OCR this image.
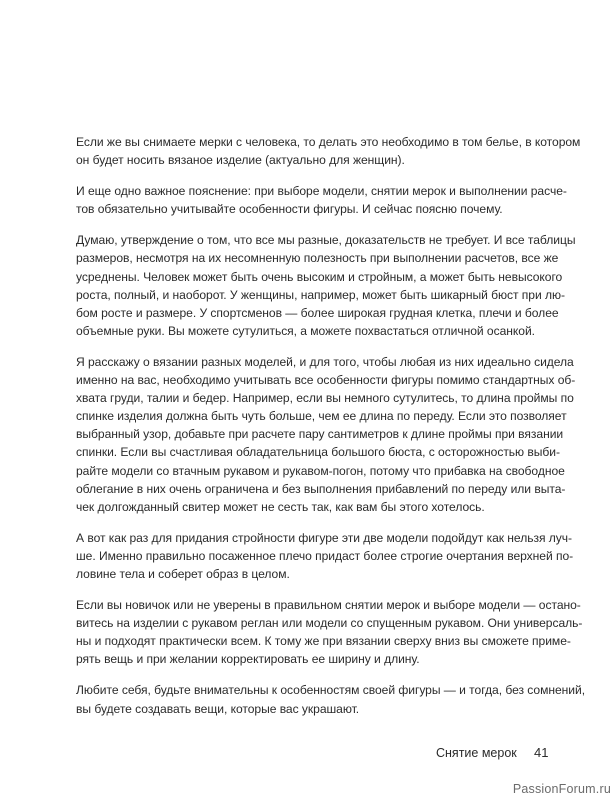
Если же вы снимаете мерки с человека, то делать это необходимо в том белье, в котором
он будет носить вязаное изделие (актуально для женщин).

И еще одно важное пояснение: при выборе модели, снятии мерок и выполнении расче-
тов обязательно учитывайте особенности фигуры. И сейчас поясню почему.

Думаю, утверждение о том, что все мы разные, доказательств не требует. И все таблицы
размеров, несмотря на их несомненную полезность при выполнении расчетов, все же
усреднены. Человек может быть очень высоким и стройным, а может быть невысокого
роста, полный, и наоборот. У женщины, например, может быть шикарный бюст при лю-
бом росте и размере. У спортсменов — более широкая грудная клетка, плечи и более
объемные руки. Вы можете сутулиться, а можете похвастаться отличной осанкой.

Я расскажу о вязании разных моделей, и для того, чтобы любая из них идеально сидела
именно на вас, необходимо учитывать все особенности фигуры помимо стандартных об-
хвата груди, талии и бедер. Например, если вы немного сутулитесь, то длина проймы по
спинке изделия должна быть чуть больше, чем ее длина по переду. Если это позволяет
выбранный узор, добавьте при расчете пару сантиметров к длине проймы при вязании
спинки. Если вы счастливая обладательница большого бюста, с осторожностью выби-
райте модели со втачным рукавом и рукавом-погон, потому что прибавка на свободное
облегание в них очень ограничена и без выполнения прибавлений по переду или выта-
чек долгожданный свитер может не сесть так, как вам бы этого хотелось.

А вот как раз для придания стройности фигуре эти две модели подойдут как нельзя луч-
ше. Именно правильно посаженное плечо придаст более строгие очертания верхней по-
ловине тела и соберет образ в целом.

Если вы новичок или не уверены в правильном снятии мерок и выборе модели — остано-
витесь на изделии с рукавом реглан или модели со спущенным рукавом. Они универсаль-
ны и подходят практически всем. К тому же при вязании сверху вниз вы сможете приме-
рять вещь и при желании корректировать ее ширину и длину.

Любите себя, будьте внимательны к особенностям своей фигуры — и тогда, без сомнений,
вы будете создавать вещи, которые вас украшают.

Снятие мерок 41
PassionForum.ru
